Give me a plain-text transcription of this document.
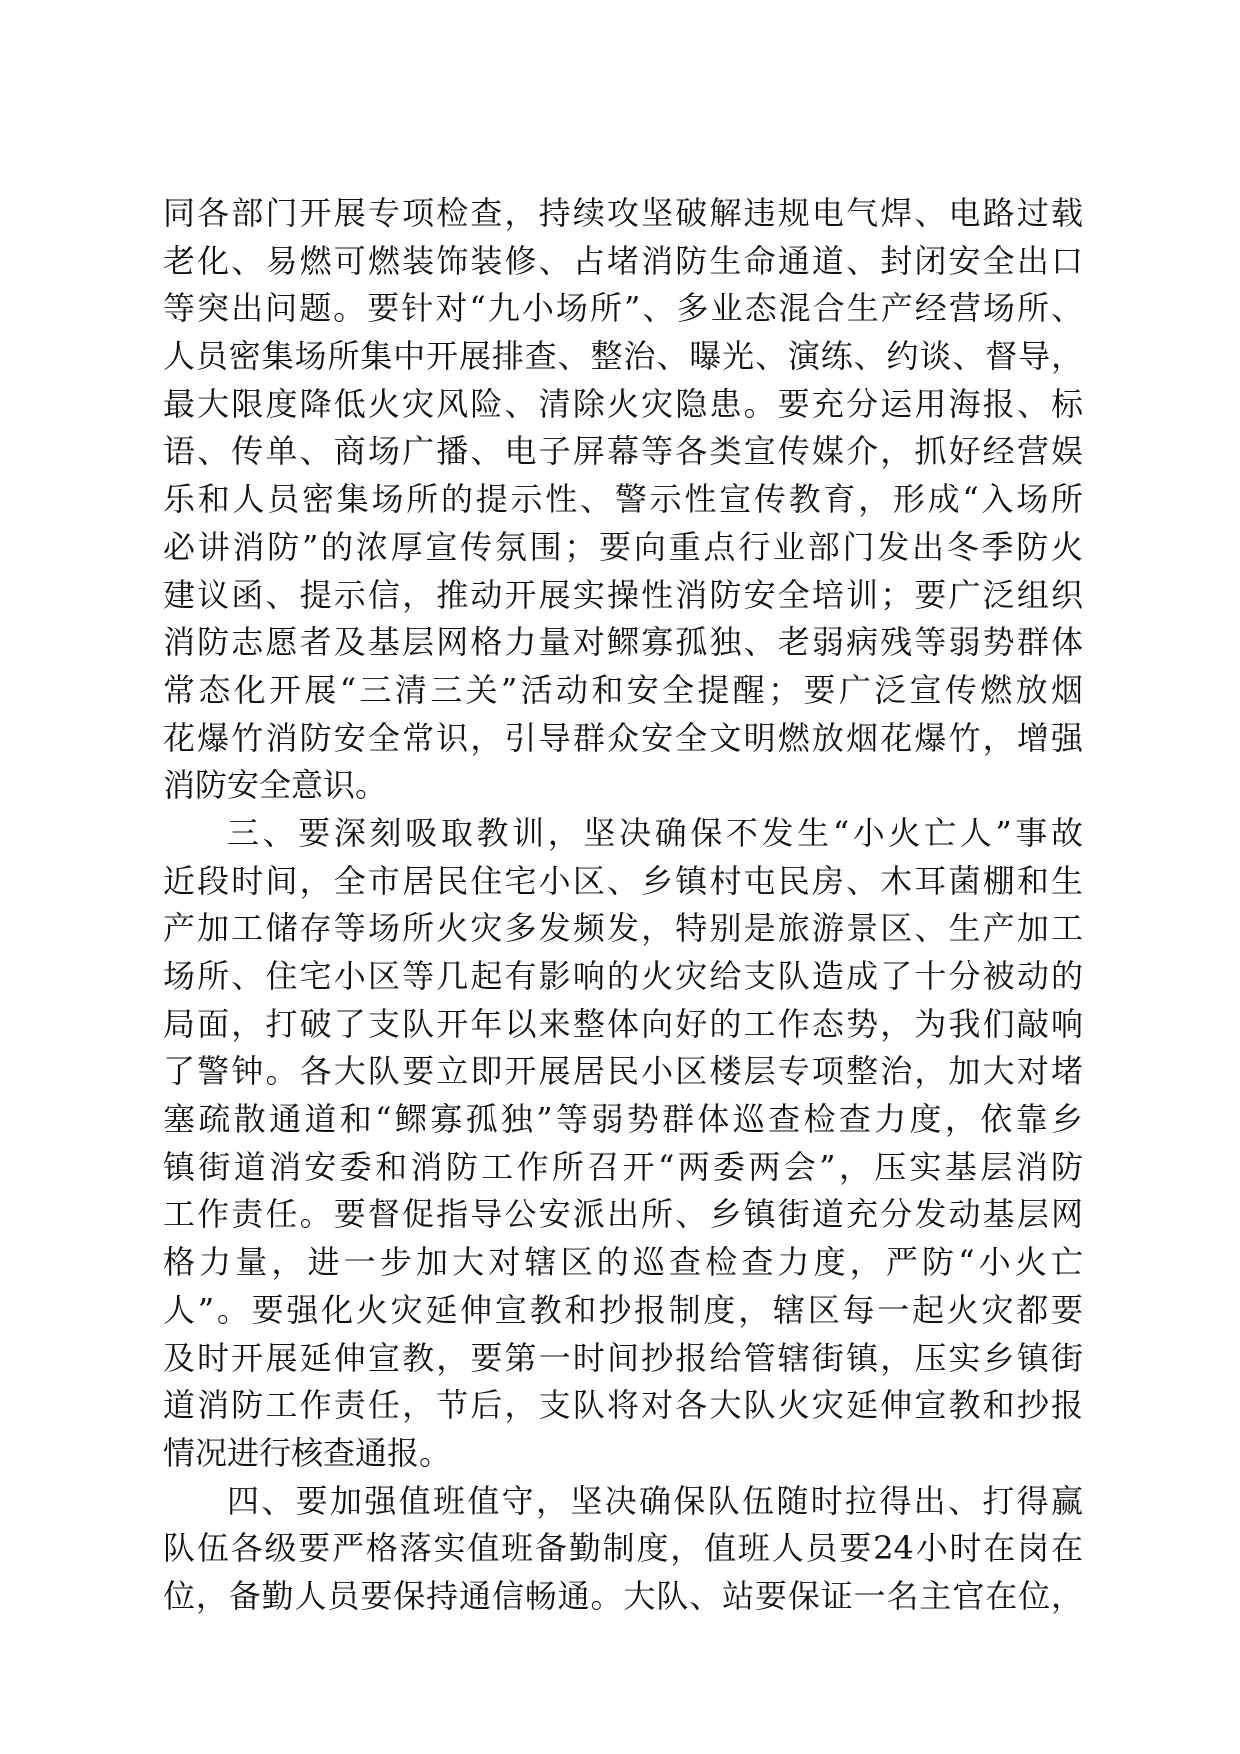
同各部门开展专项检查，持续攻坚破解违规电气焊、电路过载
老化、易燃可燃装饰装修、占堵消防生命通道、封闭安全出口
等突出问题。要针对“九小场所”、多业态混合生产经营场所、
人员密集场所集中开展排查、整治、曝光、演练、约谈、督导，
最大限度降低火灾风险、清除火灾隐患。要充分运用海报、标
语、传单、商场广播、电子屏幕等各类宣传媒介，抓好经营娱
乐和人员密集场所的提示性、警示性宣传教育，形成“入场所
必讲消防”的浓厚宣传氛围；要向重点行业部门发出冬季防火
建议函、提示信，推动开展实操性消防安全培训；要广泛组织
消防志愿者及基层网格力量对鳏寡孤独、老弱病残等弱势群体
常态化开展“三清三关”活动和安全提醒；要广泛宣传燃放烟
花爆竹消防安全常识，引导群众安全文明燃放烟花爆竹，增强
消防安全意识。
三、要深刻吸取教训，坚决确保不发生“小火亡人”事故
近段时间，全市居民住宅小区、乡镇村屯民房、木耳菌棚和生
产加工储存等场所火灾多发频发，特别是旅游景区、生产加工
场所、住宅小区等几起有影响的火灾给支队造成了十分被动的
局面，打破了支队开年以来整体向好的工作态势，为我们敲响
了警钟。各大队要立即开展居民小区楼层专项整治，加大对堵
塞疏散通道和“鳏寡孤独”等弱势群体巡查检查力度，依靠乡
镇街道消安委和消防工作所召开“两委两会”，压实基层消防
工作责任。要督促指导公安派出所、乡镇街道充分发动基层网
格力量，进一步加大对辖区的巡查检查力度，严防“小火亡
人”。要强化火灾延伸宣教和抄报制度，辖区每一起火灾都要
及时开展延伸宣教，要第一时间抄报给管辖街镇，压实乡镇街
道消防工作责任，节后，支队将对各大队火灾延伸宣教和抄报
情况进行核查通报。
四、要加强值班值守，坚决确保队伍随时拉得出、打得赢
队伍各级要严格落实值班备勤制度，值班人员要24小时在岗在
位，备勤人员要保持通信畅通。大队、站要保证一名主官在位，
